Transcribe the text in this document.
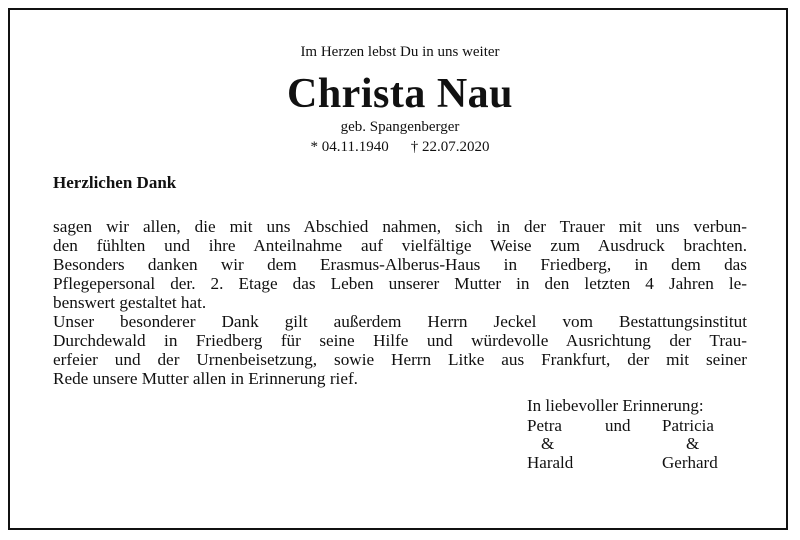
Im Herzen lebst Du in uns weiter
Christa Nau
geb. Spangenberger
* 04.11.1940 † 22.07.2020
Herzlichen Dank
sagen wir allen, die mit uns Abschied nahmen, sich in der Trauer mit uns verbun-
den fühlten und ihre Anteilnahme auf vielfältige Weise zum Ausdruck brachten.
Besonders danken wir dem Erasmus-Alberus-Haus in Friedberg, in dem das
Pflegepersonal der. 2. Etage das Leben unserer Mutter in den letzten 4 Jahren le-
benswert gestaltet hat.
Unser besonderer Dank gilt außerdem Herrn Jeckel vom Bestattungsinstitut
Durchdewald in Friedberg für seine Hilfe und würdevolle Ausrichtung der Trau-
erfeier und der Urnenbeisetzung, sowie Herrn Litke aus Frankfurt, der mit seiner
Rede unsere Mutter allen in Erinnerung rief.
In liebevoller Erinnerung:
Petra	und Patricia
&	&
Harald	Gerhard
